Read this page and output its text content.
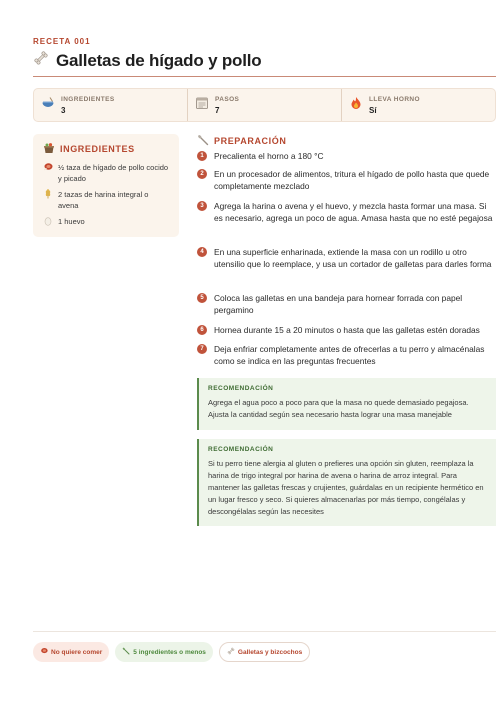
RECETA 001
Galletas de hígado y pollo
INGREDIENTES
3
PASOS
7
LLEVA HORNO
Sí
INGREDIENTES
½ taza de hígado de pollo cocido y picado
2 tazas de harina integral o avena
1 huevo
PREPARACIÓN
1	Precalienta el horno a 180 °C
2	En un procesador de alimentos, tritura el hígado de pollo hasta que quede completamente mezclado
3	Agrega la harina o avena y el huevo, y mezcla hasta formar una masa. Si es necesario, agrega un poco de agua. Amasa hasta que no esté pegajosa
4	En una superficie enharinada, extiende la masa con un rodillo u otro utensilio que lo reemplace, y usa un cortador de galletas para darles forma
5	Coloca las galletas en una bandeja para hornear forrada con papel pergamino
6	Hornea durante 15 a 20 minutos o hasta que las galletas estén doradas
7	Deja enfriar completamente antes de ofrecerlas a tu perro y almacénalas como se indica en las preguntas frecuentes
RECOMENDACIÓN
Agrega el agua poco a poco para que la masa no quede demasiado pegajosa. Ajusta la cantidad según sea necesario hasta lograr una masa manejable
RECOMENDACIÓN
Si tu perro tiene alergia al gluten o prefieres una opción sin gluten, reemplaza la harina de trigo integral por harina de avena o harina de arroz integral. Para mantener las galletas frescas y crujientes, guárdalas en un recipiente hermético en un lugar fresco y seco. Si quieres almacenarlas por más tiempo, congélalas y descongélalas según las necesites
No quiere comer	5 ingredientes o menos	Galletas y bizcochos
